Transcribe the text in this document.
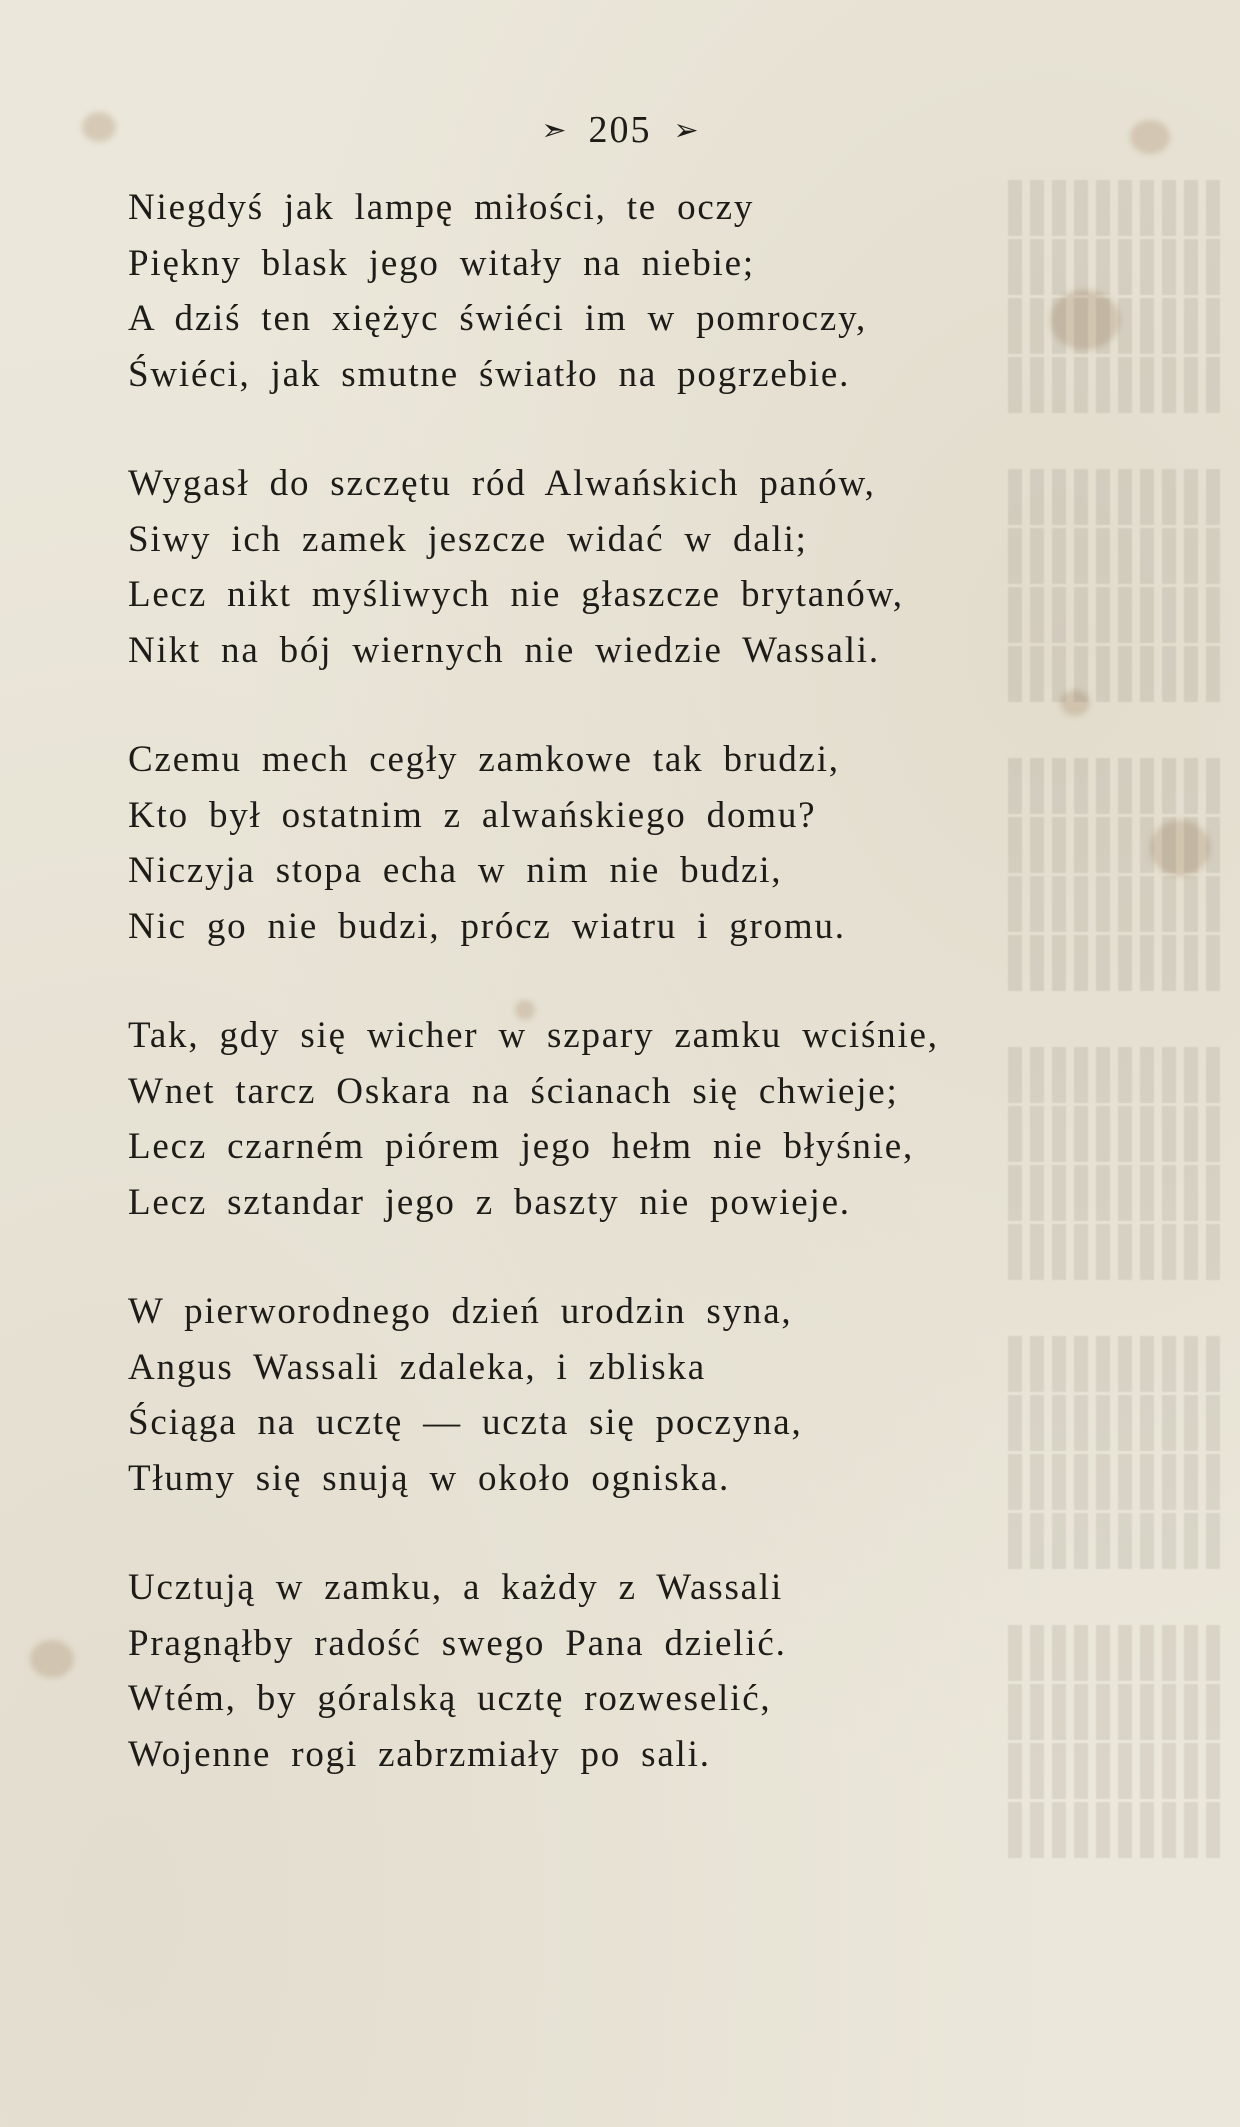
➣ 205 ➢
Niegdyś jak lampę miłości, te oczy
Piękny blask jego witały na niebie;
A dziś ten xiężyc świéci im w pomroczy,
Świéci, jak smutne światło na pogrzebie.
Wygasł do szczętu ród Alwańskich panów,
Siwy ich zamek jeszcze widać w dali;
Lecz nikt myśliwych nie głaszcze brytanów,
Nikt na bój wiernych nie wiedzie Wassali.
Czemu mech cegły zamkowe tak brudzi,
Kto był ostatnim z alwańskiego domu?
Niczyja stopa echa w nim nie budzi,
Nic go nie budzi, prócz wiatru i gromu.
Tak, gdy się wicher w szpary zamku wciśnie,
Wnet tarcz Oskara na ścianach się chwieje;
Lecz czarném piórem jego hełm nie błyśnie,
Lecz sztandar jego z baszty nie powieje.
W pierworodnego dzień urodzin syna,
Angus Wassali zdaleka, i zbliska
Ściąga na ucztę — uczta się poczyna,
Tłumy się snują w około ogniska.
Ucztują w zamku, a każdy z Wassali
Pragnąłby radość swego Pana dzielić.
Wtém, by góralską ucztę rozweselić,
Wojenne rogi zabrzmiały po sali.
